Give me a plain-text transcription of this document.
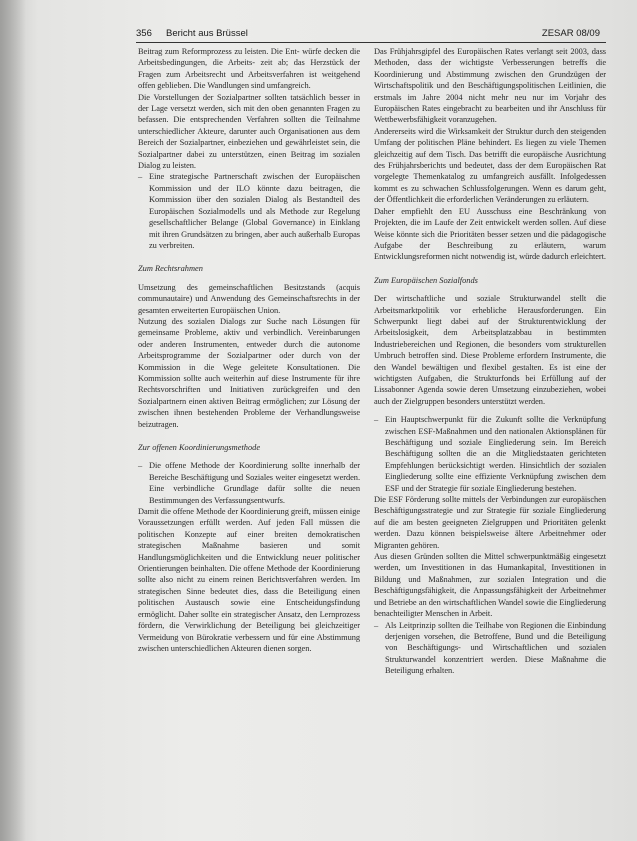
356 Bericht aus Brüssel	ZESAR 08/09

Beitrag zum Reformprozess zu leisten. Die Ent- würfe decken die Arbeitsbedingungen, die Arbeits- zeit ab; das Herzstück der Fragen zum Arbeitsrecht und Arbeitsverfahren ist weitgehend offen geblieben. Die Wandlungen sind umfangreich.

Die Vorstellungen der Sozialpartner sollten tatsächlich besser in der Lage versetzt werden, sich mit den oben genannten Fragen zu befassen. Die entsprechenden Verfahren sollten die Teilnahme unterschiedlicher Akteure, darunter auch Organisationen aus dem Bereich der Sozialpartner, einbeziehen und gewährleistet sein, die Sozialpartner dabei zu unterstützen, einen Beitrag im sozialen Dialog zu leisten.

– Eine strategische Partnerschaft zwischen der Europäischen Kommission und der ILO könnte dazu beitragen, die Kommission über den sozialen Dialog als Bestandteil des Europäischen Sozialmodells und als Methode zur Regelung gesellschaftlicher Belange (Global Governance) in Einklang mit ihren Grundsätzen zu bringen, aber auch außerhalb Europas zu verbreiten.

Zum Rechtsrahmen

Umsetzung des gemeinschaftlichen Besitzstands (acquis communautaire) und Anwendung des Gemeinschaftsrechts in der gesamten erweiterten Europäischen Union.

Nutzung des sozialen Dialogs zur Suche nach Lösungen für gemeinsame Probleme, aktiv und verbindlich. Vereinbarungen oder anderen Instrumenten, entweder durch die autonome Arbeitsprogramme der Sozialpartner oder durch von der Kommission in die Wege geleitete Konsultationen. Die Kommission sollte auch weiterhin auf diese Instrumente für ihre Rechtsvorschriften und Initiativen zurückgreifen und den Sozialpartnern einen aktiven Beitrag ermöglichen; zur Lösung der zwischen ihnen bestehenden Probleme der Verhandlungsweise beizutragen.

Zur offenen Koordinierungsmethode

– Die offene Methode der Koordinierung sollte innerhalb der Bereiche Beschäftigung und Soziales weiter eingesetzt werden. Eine verbindliche Grundlage dafür sollte die neuen Bestimmungen des Verfassungsentwurfs.

Damit die offene Methode der Koordinierung greift, müssen einige Voraussetzungen erfüllt werden. Auf jeden Fall müssen die politischen Konzepte auf einer breiten demokratischen strategischen Maßnahme basieren und somit Handlungsmöglichkeiten und die Entwicklung neuer politischer Orientierungen beinhalten. Die offene Methode der Koordinierung sollte also nicht zu einem reinen Berichtsverfahren werden. Im strategischen Sinne bedeutet dies, dass die Beteiligung einen politischen Austausch sowie eine Entscheidungsfindung ermöglicht. Daher sollte ein strategischer Ansatz, den Lernprozess fördern, die Verwirklichung der Beteiligung bei gleichzeitiger Vermeidung von Bürokratie verbessern und für eine Abstimmung zwischen unterschiedlichen Akteuren dienen sorgen.

Das Frühjahrsgipfel des Europäischen Rates verlangt seit 2003, dass Methoden, dass der wichtigste Verbesserungen betreffs die Koordinierung und Abstimmung zwischen den Grundzügen der Wirtschaftspolitik und den Beschäftigungspolitischen Leitlinien, die erstmals im Jahre 2004 nicht mehr neu nur im Vorjahr des Europäischen Rates eingebracht zu bearbeiten und ihr Anschluss für Wettbewerbsfähigkeit voranzugehen.

Andererseits wird die Wirksamkeit der Struktur durch den steigenden Umfang der politischen Pläne behindert. Es liegen zu viele Themen gleichzeitig auf dem Tisch. Das betrifft die europäische Ausrichtung des Frühjahrsberichts und bedeutet, dass der dem Europäischen Rat vorgelegte Themenkatalog zu umfangreich ausfällt. Infolgedessen kommt es zu schwachen Schlussfolgerungen. Wenn es darum geht, der Öffentlichkeit die erforderlichen Veränderungen zu erläutern.

Daher empfiehlt den EU Ausschuss eine Beschränkung von Projekten, die im Laufe der Zeit entwickelt werden sollen. Auf diese Weise könnte sich die Prioritäten besser setzen und die pädagogische Aufgabe der Beschreibung zu erläutern, warum Entwicklungsreformen nicht notwendig ist, würde dadurch erleichtert.

Zum Europäischen Sozialfonds

Der wirtschaftliche und soziale Strukturwandel stellt die Arbeitsmarktpolitik vor erhebliche Herausforderungen. Ein Schwerpunkt liegt dabei auf der Strukturentwicklung der Arbeitslosigkeit, dem Arbeitsplatzabbau in bestimmten Industriebereichen und Regionen, die besonders vom strukturellen Umbruch betroffen sind. Diese Probleme erfordern Instrumente, die den Wandel bewältigen und flexibel gestalten. Es ist eine der wichtigsten Aufgaben, die Strukturfonds bei Erfüllung auf der Lissabonner Agenda sowie deren Umsetzung einzubeziehen, wobei auch der Zielgruppen besonders unterstützt werden.

– Ein Hauptschwerpunkt für die Zukunft sollte die Verknüpfung zwischen ESF-Maßnahmen und den nationalen Aktionsplänen für Beschäftigung und soziale Eingliederung sein. Im Bereich Beschäftigung sollten die an die Mitgliedstaaten gerichteten Empfehlungen berücksichtigt werden. Hinsichtlich der sozialen Eingliederung sollte eine effiziente Verknüpfung zwischen dem ESF und der Strategie für soziale Eingliederung bestehen.

Die ESF Förderung sollte mittels der Verbindungen zur europäischen Beschäftigungsstrategie und zur Strategie für soziale Eingliederung auf die am besten geeigneten Zielgruppen und Prioritäten gelenkt werden. Dazu können beispielsweise ältere Arbeitnehmer oder Migranten gehören.

Aus diesen Gründen sollten die Mittel schwerpunktmäßig eingesetzt werden, um Investitionen in das Humankapital, Investitionen in Bildung und Maßnahmen, zur sozialen Integration und die Beschäftigungsfähigkeit, die Anpassungsfähigkeit der Arbeitnehmer und Betriebe an den wirtschaftlichen Wandel sowie die Eingliederung benachteiligter Menschen in Arbeit.

– Als Leitprinzip sollten die Teilhabe von Regionen die Einbindung derjenigen vorsehen, die Betroffene, Bund und die Beteiligung von Beschäftigungs- und Wirtschaftlichen und sozialen Strukturwandel konzentriert werden. Diese Maßnahme die Beteiligung erhalten.
